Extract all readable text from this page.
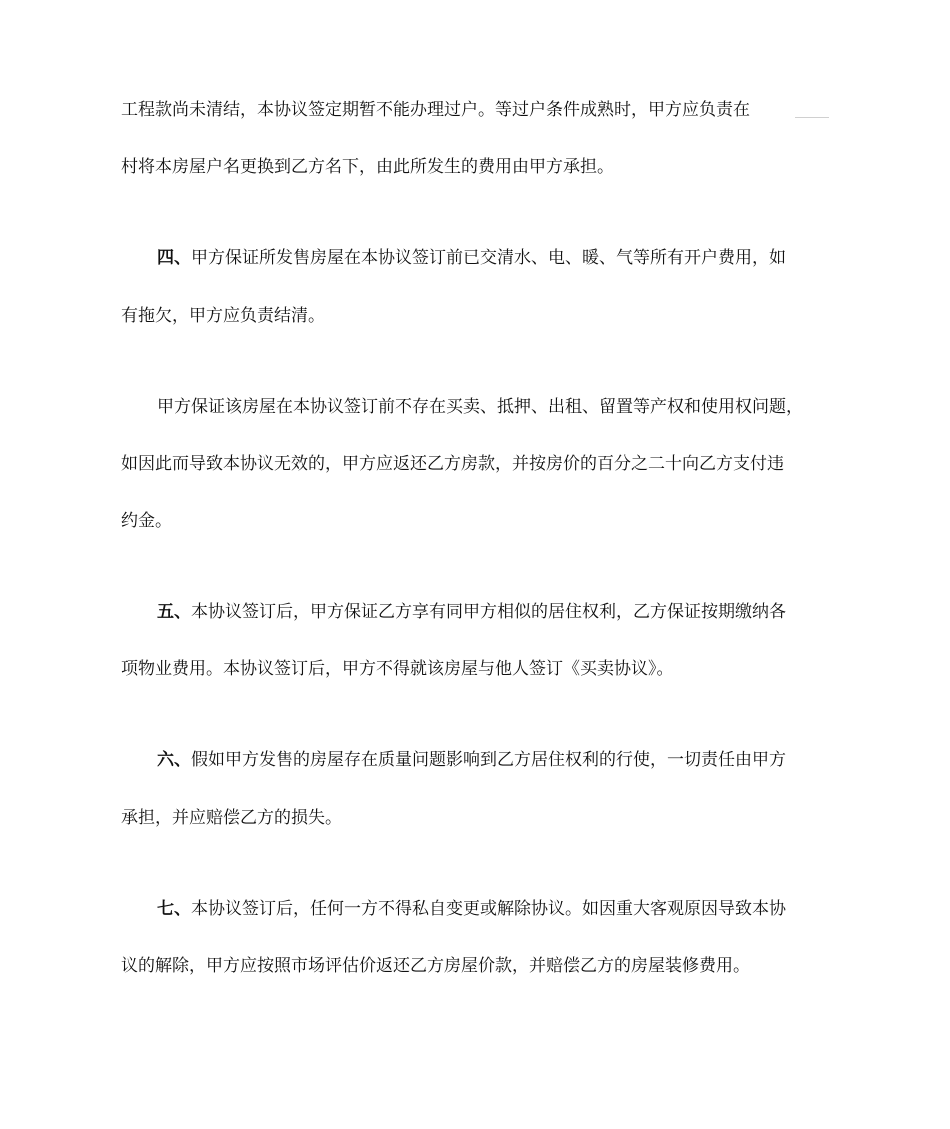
工程款尚未清结，本协议签定期暂不能办理过户。等过户条件成熟时，甲方应负责在
村将本房屋户名更换到乙方名下，由此所发生的费用由甲方承担。
四、甲方保证所发售房屋在本协议签订前已交清水、电、暖、气等所有开户费用，如
有拖欠，甲方应负责结清。
甲方保证该房屋在本协议签订前不存在买卖、抵押、出租、留置等产权和使用权问题，
如因此而导致本协议无效的，甲方应返还乙方房款，并按房价的百分之二十向乙方支付违
约金。
五、本协议签订后，甲方保证乙方享有同甲方相似的居住权利，乙方保证按期缴纳各
项物业费用。本协议签订后，甲方不得就该房屋与他人签订《买卖协议》。
六、假如甲方发售的房屋存在质量问题影响到乙方居住权利的行使，一切责任由甲方
承担，并应赔偿乙方的损失。
七、本协议签订后，任何一方不得私自变更或解除协议。如因重大客观原因导致本协
议的解除，甲方应按照市场评估价返还乙方房屋价款，并赔偿乙方的房屋装修费用。
